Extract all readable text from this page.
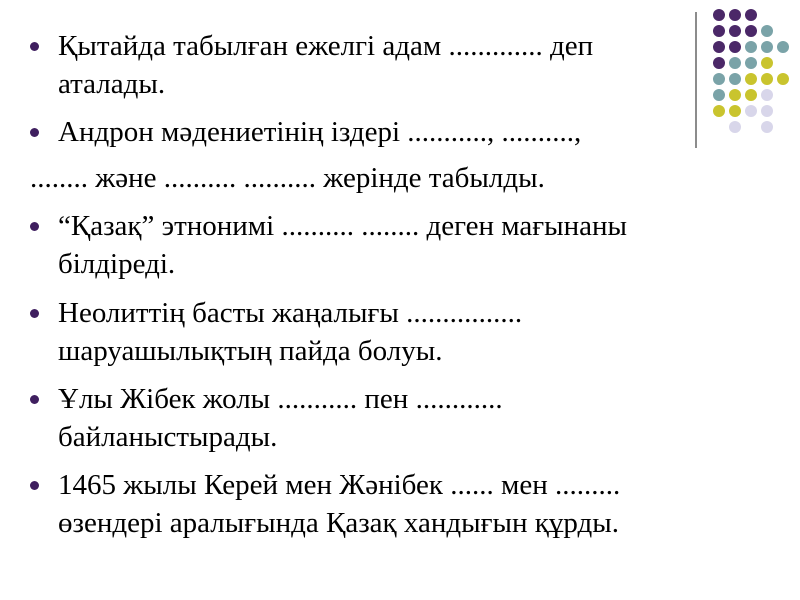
Қытайда табылған ежелгі адам ............. деп
аталады.
Андрон мәдениетінің іздері ..........., ..........,
........ және .......... .......... жерінде табылды.
“Қазақ” этнонимі .......... ........ деген мағынаны
білдіреді.
Неолиттің басты жаңалығы ................
шаруашылықтың пайда болуы.
Ұлы Жібек жолы ........... пен ............
байланыстырады.
1465 жылы Керей мен Жәнібек ...... мен .........
өзендері аралығында Қазақ хандығын құрды.
